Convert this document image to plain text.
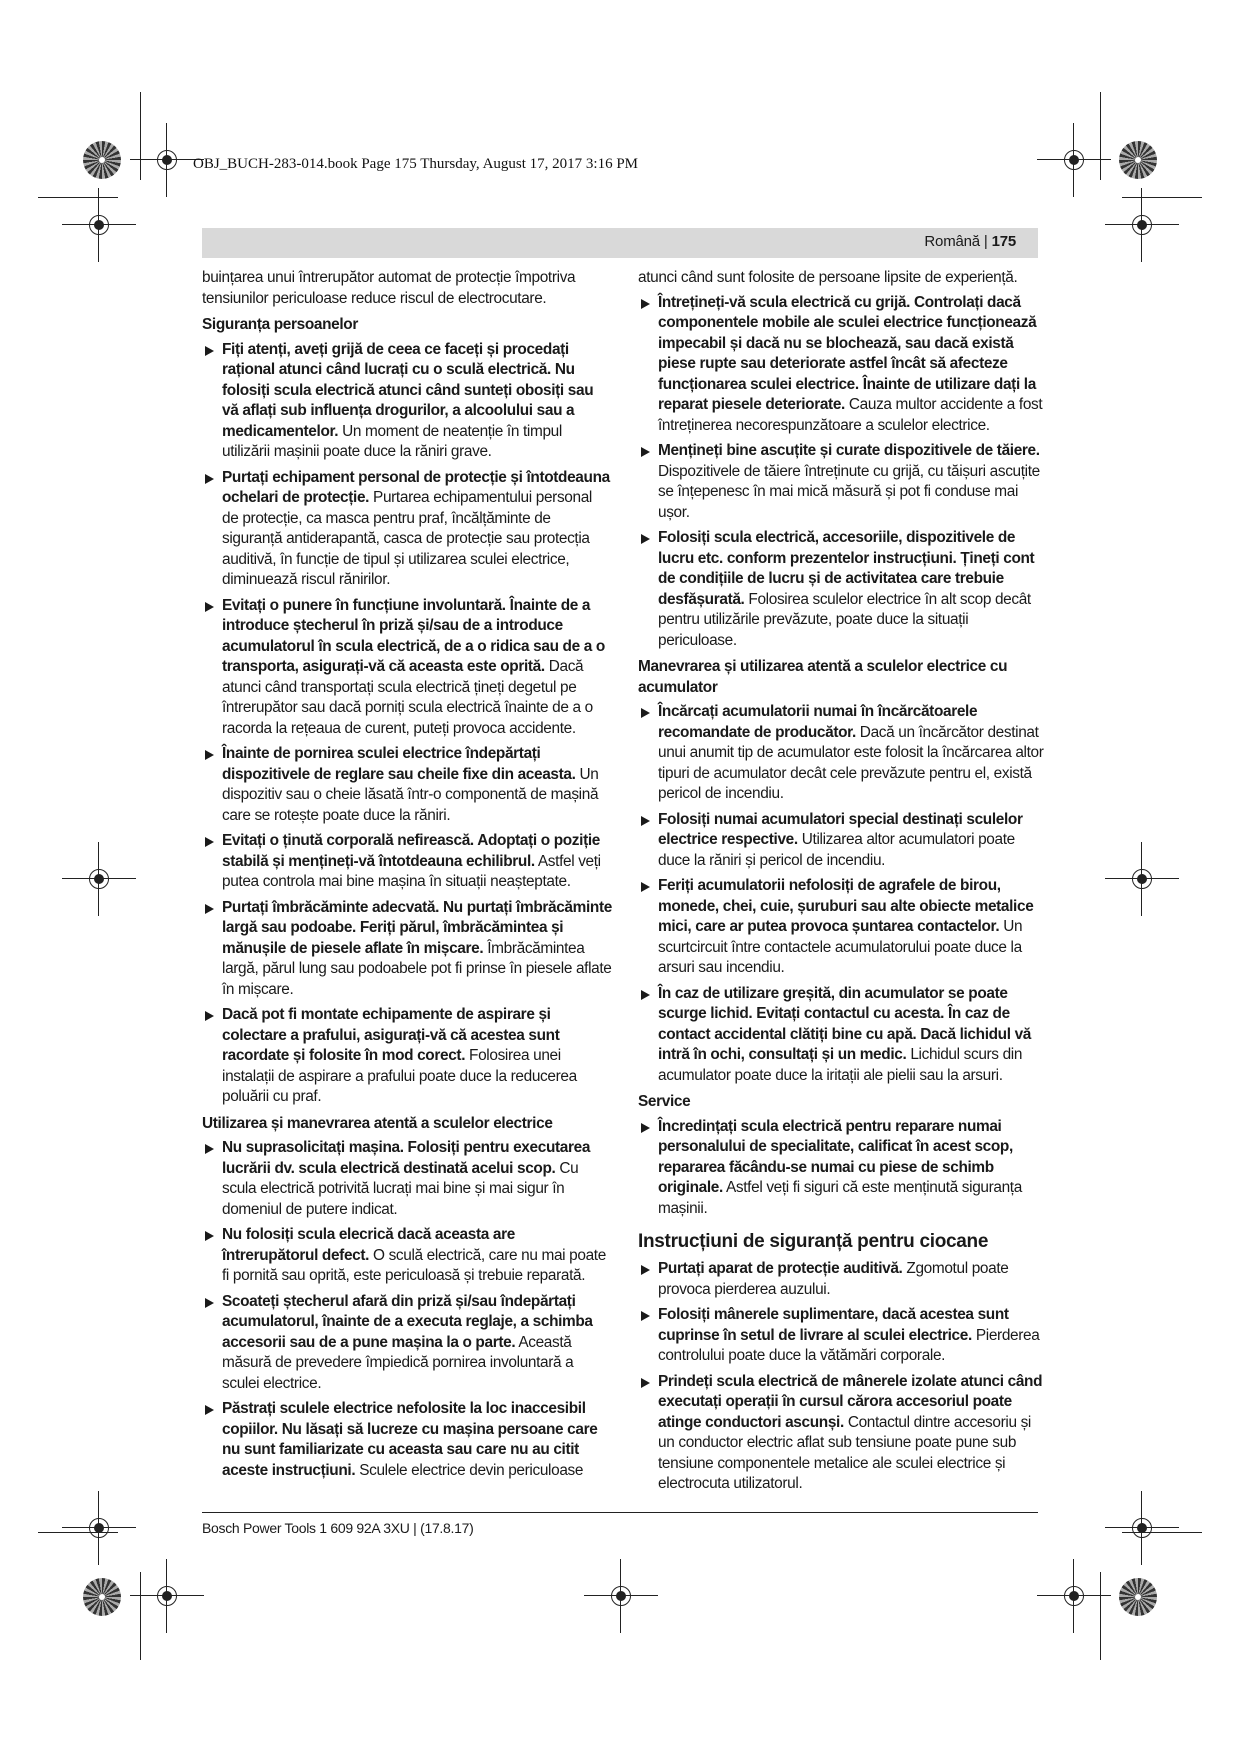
OBJ_BUCH-283-014.book Page 175 Thursday, August 17, 2017 3:16 PM
Română | 175

buințarea unui întrerupător automat de protecție împotriva tensiunilor periculoase reduce riscul de electrocutare.

Siguranța persoanelor
Fiți atenți, aveți grijă de ceea ce faceți și procedați rațional atunci când lucrați cu o sculă electrică. Nu folosiți scula electrică atunci când sunteți obosiți sau vă aflați sub influența drogurilor, a alcoolului sau a medicamentelor. Un moment de neatenție în timpul utilizării mașinii poate duce la răniri grave.
Purtați echipament personal de protecție și întotdeauna ochelari de protecție. Purtarea echipamentului personal de protecție, ca masca pentru praf, încălțăminte de siguranță antiderapantă, casca de protecție sau protecția auditivă, în funcție de tipul și utilizarea sculei electrice, diminuează riscul rănirilor.
Evitați o punere în funcțiune involuntară. Înainte de a introduce ștecherul în priză și/sau de a introduce acumulatorul în scula electrică, de a o ridica sau de a o transporta, asigurați-vă că aceasta este oprită. Dacă atunci când transportați scula electrică țineți degetul pe întrerupător sau dacă porniți scula electrică înainte de a o racorda la rețeaua de curent, puteți provoca accidente.
Înainte de pornirea sculei electrice îndepărtați dispozitivele de reglare sau cheile fixe din aceasta. Un dispozitiv sau o cheie lăsată într-o componentă de mașină care se rotește poate duce la răniri.
Evitați o ținută corporală nefirească. Adoptați o poziție stabilă și mențineți-vă întotdeauna echilibrul. Astfel veți putea controla mai bine mașina în situații neașteptate.
Purtați îmbrăcăminte adecvată. Nu purtați îmbrăcăminte largă sau podoabe. Feriți părul, îmbrăcămintea și mănușile de piesele aflate în mișcare. Îmbrăcămintea largă, părul lung sau podoabele pot fi prinse în piesele aflate în mișcare.
Dacă pot fi montate echipamente de aspirare și colectare a prafului, asigurați-vă că acestea sunt racordate și folosite în mod corect. Folosirea unei instalații de aspirare a prafului poate duce la reducerea poluării cu praf.
Utilizarea și manevrarea atentă a sculelor electrice
Nu suprasolicitați mașina. Folosiți pentru executarea lucrării dv. scula electrică destinată acelui scop. Cu scula electrică potrivită lucrați mai bine și mai sigur în domeniul de putere indicat.
Nu folosiți scula elecrică dacă aceasta are întrerupătorul defect. O sculă electrică, care nu mai poate fi pornită sau oprită, este periculoasă și trebuie reparată.
Scoateți ștecherul afară din priză și/sau îndepărtați acumulatorul, înainte de a executa reglaje, a schimba accesorii sau de a pune mașina la o parte. Această măsură de prevedere împiedică pornirea involuntară a sculei electrice.
Păstrați sculele electrice nefolosite la loc inaccesibil copiilor. Nu lăsați să lucreze cu mașina persoane care nu sunt familiarizate cu aceasta sau care nu au citit aceste instrucțiuni. Sculele electrice devin periculoase

atunci când sunt folosite de persoane lipsite de experiență.

Întrețineți-vă scula electrică cu grijă. Controlați dacă componentele mobile ale sculei electrice funcționează impecabil și dacă nu se blochează, sau dacă există piese rupte sau deteriorate astfel încât să afecteze funcționarea sculei electrice. Înainte de utilizare dați la reparat piesele deteriorate. Cauza multor accidente a fost întreținerea necorespunzătoare a sculelor electrice.
Mențineți bine ascuțite și curate dispozitivele de tăiere. Dispozitivele de tăiere întreținute cu grijă, cu tăișuri ascuțite se înțepenesc în mai mică măsură și pot fi conduse mai ușor.
Folosiți scula electrică, accesoriile, dispozitivele de lucru etc. conform prezentelor instrucțiuni. Țineți cont de condițiile de lucru și de activitatea care trebuie desfășurată. Folosirea sculelor electrice în alt scop decât pentru utilizările prevăzute, poate duce la situații periculoase.
Manevrarea și utilizarea atentă a sculelor electrice cu acumulator
Încărcați acumulatorii numai în încărcătoarele recomandate de producător. Dacă un încărcător destinat unui anumit tip de acumulator este folosit la încărcarea altor tipuri de acumulator decât cele prevăzute pentru el, există pericol de incendiu.
Folosiți numai acumulatori special destinați sculelor electrice respective. Utilizarea altor acumulatori poate duce la răniri și pericol de incendiu.
Feriți acumulatorii nefolosiți de agrafele de birou, monede, chei, cuie, șuruburi sau alte obiecte metalice mici, care ar putea provoca șuntarea contactelor. Un scurtcircuit între contactele acumulatorului poate duce la arsuri sau incendiu.
În caz de utilizare greșită, din acumulator se poate scurge lichid. Evitați contactul cu acesta. În caz de contact accidental clătiți bine cu apă. Dacă lichidul vă intră în ochi, consultați și un medic. Lichidul scurs din acumulator poate duce la iritații ale pielii sau la arsuri.
Service
Încredințați scula electrică pentru reparare numai personalului de specialitate, calificat în acest scop, repararea făcându-se numai cu piese de schimb originale. Astfel veți fi siguri că este menținută siguranța mașinii.
Instrucțiuni de siguranță pentru ciocane
Purtați aparat de protecție auditivă. Zgomotul poate provoca pierderea auzului.
Folosiți mânerele suplimentare, dacă acestea sunt cuprinse în setul de livrare al sculei electrice. Pierderea controlului poate duce la vătămări corporale.
Prindeți scula electrică de mânerele izolate atunci când executați operații în cursul cărora accesoriul poate atinge conductori ascunși. Contactul dintre accesoriu și un conductor electric aflat sub tensiune poate pune sub tensiune componentele metalice ale sculei electrice și electrocuta utilizatorul.
Bosch Power Tools 1 609 92A 3XU | (17.8.17)
